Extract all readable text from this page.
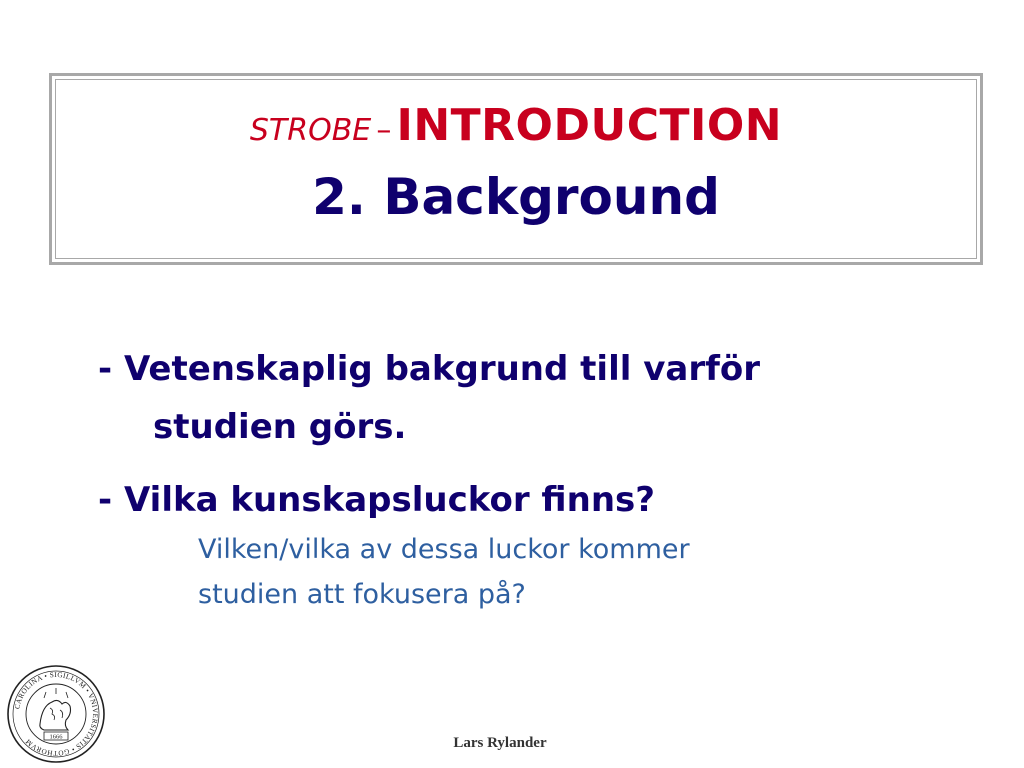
STROBE – INTRODUCTION
2. Background
- Vetenskaplig bakgrund till varför
studien görs.
- Vilka kunskapsluckor finns?
Vilken/vilka av dessa luckor kommer
studien att fokusera på?
CAROLINA • SIGILLVM • VNIVERSITATIS • GOTHORVM
1666	Lars Rylander
